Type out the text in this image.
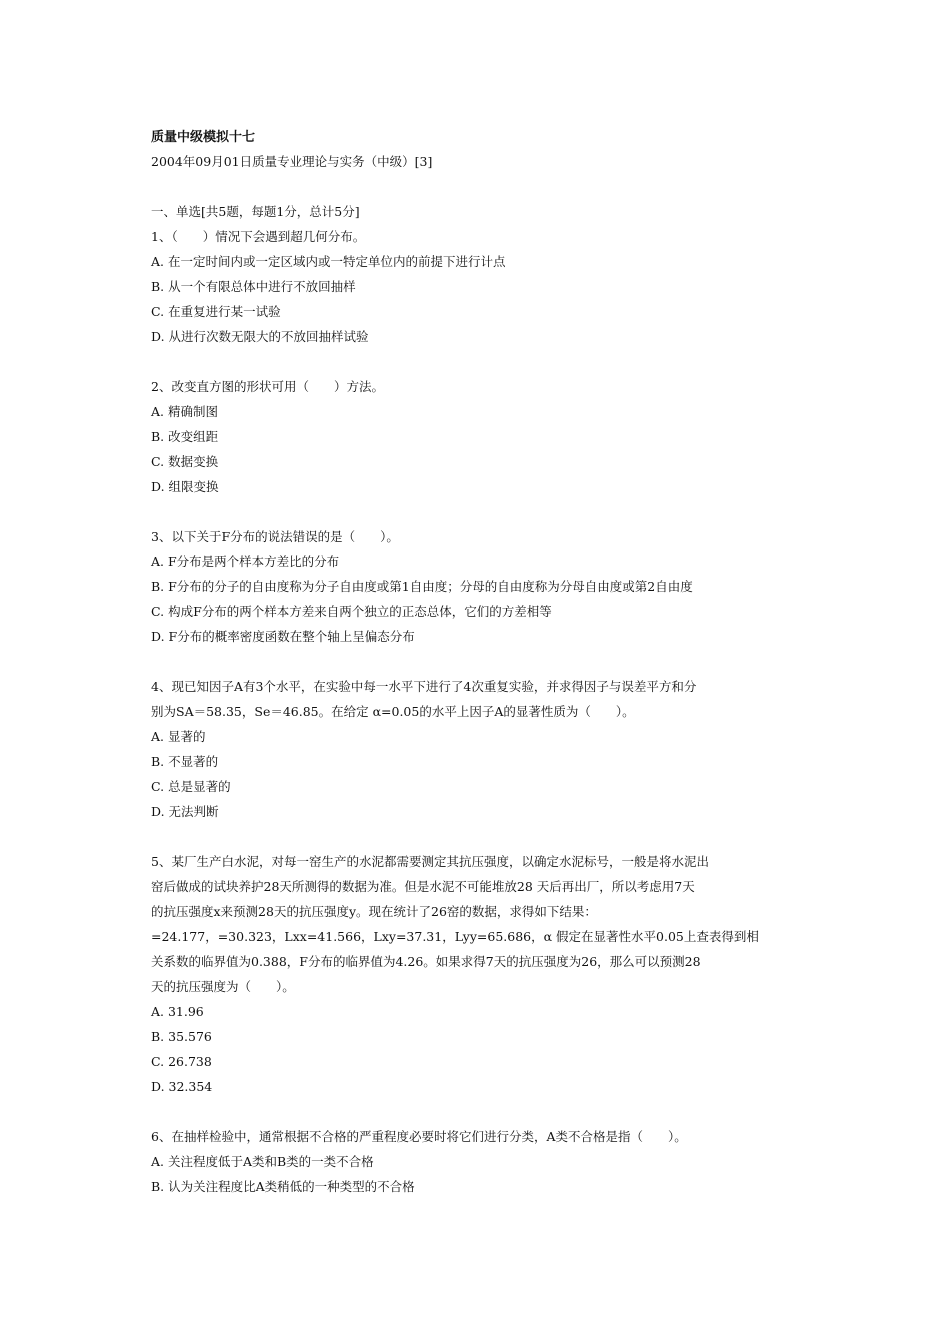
质量中级模拟十七
2004年09月01日质量专业理论与实务（中级）[3]
一、单选[共5题，每题1分，总计5分]
1、（　　）情况下会遇到超几何分布。
A. 在一定时间内或一定区域内或一特定单位内的前提下进行计点
B. 从一个有限总体中进行不放回抽样
C. 在重复进行某一试验
D. 从进行次数无限大的不放回抽样试验
2、改变直方图的形状可用（　　）方法。
A. 精确制图
B. 改变组距
C. 数据变换
D. 组限变换
3、以下关于F分布的说法错误的是（　　）。
A. F分布是两个样本方差比的分布
B. F分布的分子的自由度称为分子自由度或第1自由度；分母的自由度称为分母自由度或第2自由度
C. 构成F分布的两个样本方差来自两个独立的正态总体，它们的方差相等
D. F分布的概率密度函数在整个轴上呈偏态分布
4、现已知因子A有3个水平，在实验中每一水平下进行了4次重复实验，并求得因子与误差平方和分
别为SA＝58.35，Se＝46.85。在给定 α=0.05的水平上因子A的显著性质为（　　）。
A. 显著的
B. 不显著的
C. 总是显著的
D. 无法判断
5、某厂生产白水泥，对每一窑生产的水泥都需要测定其抗压强度，以确定水泥标号，一般是将水泥出
窑后做成的试块养护28天所测得的数据为准。但是水泥不可能堆放28 天后再出厂，所以考虑用7天
的抗压强度x来预测28天的抗压强度y。现在统计了26窑的数据，求得如下结果：
=24.177，=30.323，Lxx=41.566，Lxy=37.31，Lyy=65.686，α 假定在显著性水平0.05上查表得到相
关系数的临界值为0.388，F分布的临界值为4.26。如果求得7天的抗压强度为26，那么可以预测28
天的抗压强度为（　　）。
A. 31.96
B. 35.576
C. 26.738
D. 32.354
6、在抽样检验中，通常根据不合格的严重程度必要时将它们进行分类，A类不合格是指（　　）。
A. 关注程度低于A类和B类的一类不合格
B. 认为关注程度比A类稍低的一种类型的不合格
